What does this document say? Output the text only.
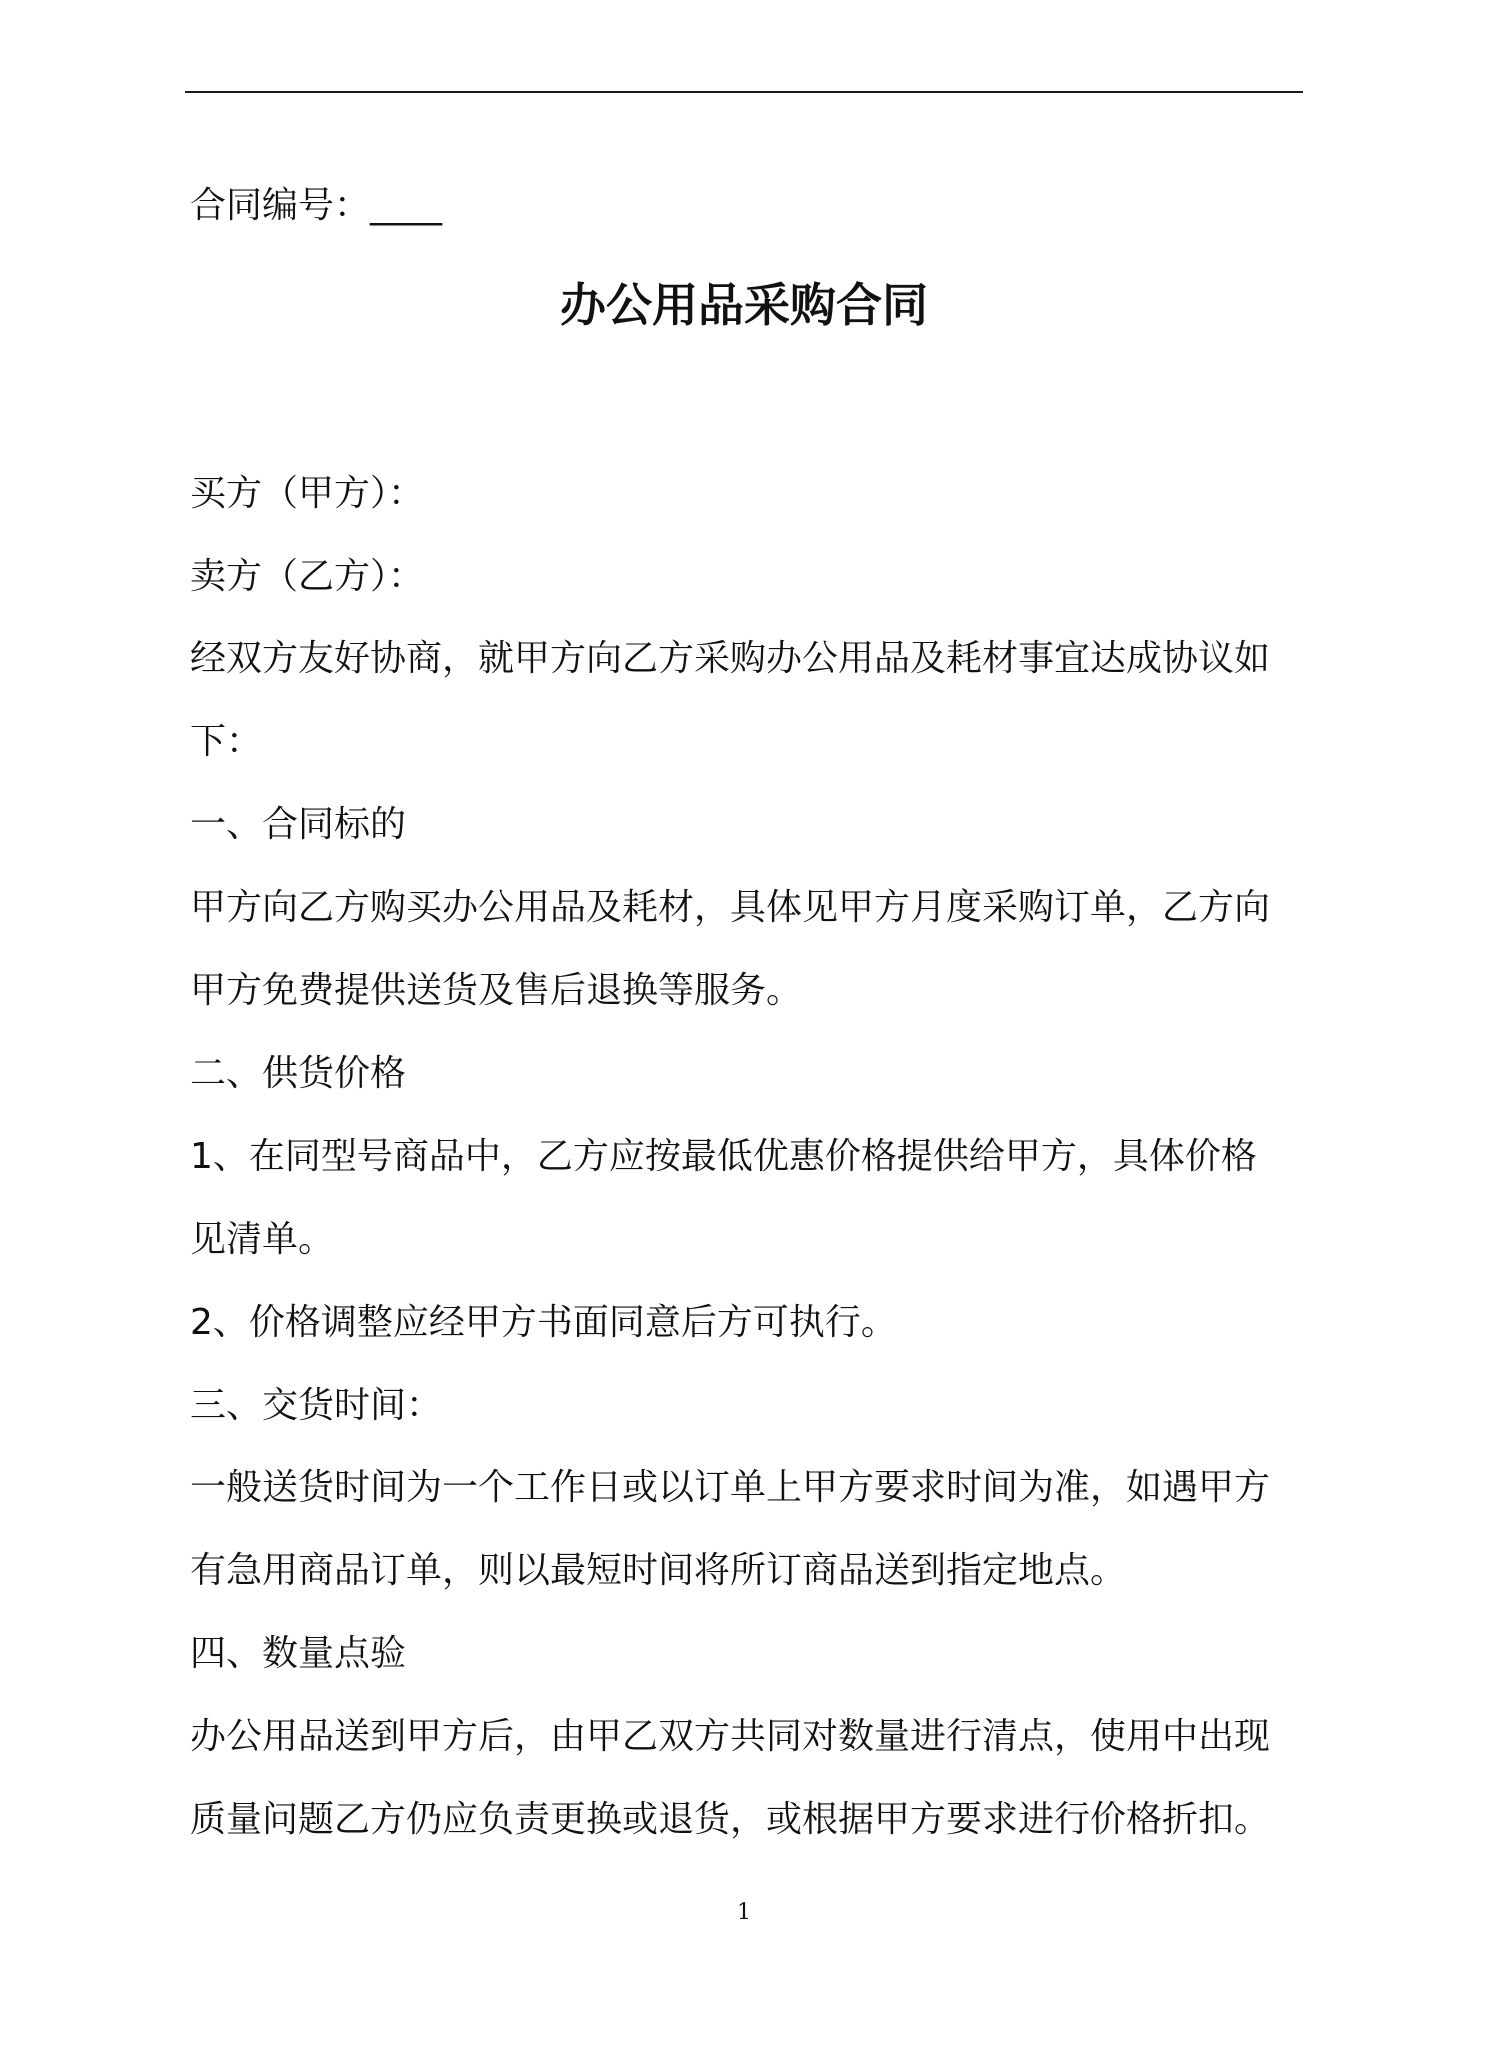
合同编号：____
办公用品采购合同
买方（甲方）：
卖方（乙方）：
经双方友好协商，就甲方向乙方采购办公用品及耗材事宜达成协议如
下：
一、合同标的
甲方向乙方购买办公用品及耗材，具体见甲方月度采购订单，乙方向
甲方免费提供送货及售后退换等服务。
二、供货价格
1、在同型号商品中，乙方应按最低优惠价格提供给甲方，具体价格
见清单。
2、价格调整应经甲方书面同意后方可执行。
三、交货时间：
一般送货时间为一个工作日或以订单上甲方要求时间为准，如遇甲方
有急用商品订单，则以最短时间将所订商品送到指定地点。
四、数量点验
办公用品送到甲方后，由甲乙双方共同对数量进行清点，使用中出现
质量问题乙方仍应负责更换或退货，或根据甲方要求进行价格折扣。
1
